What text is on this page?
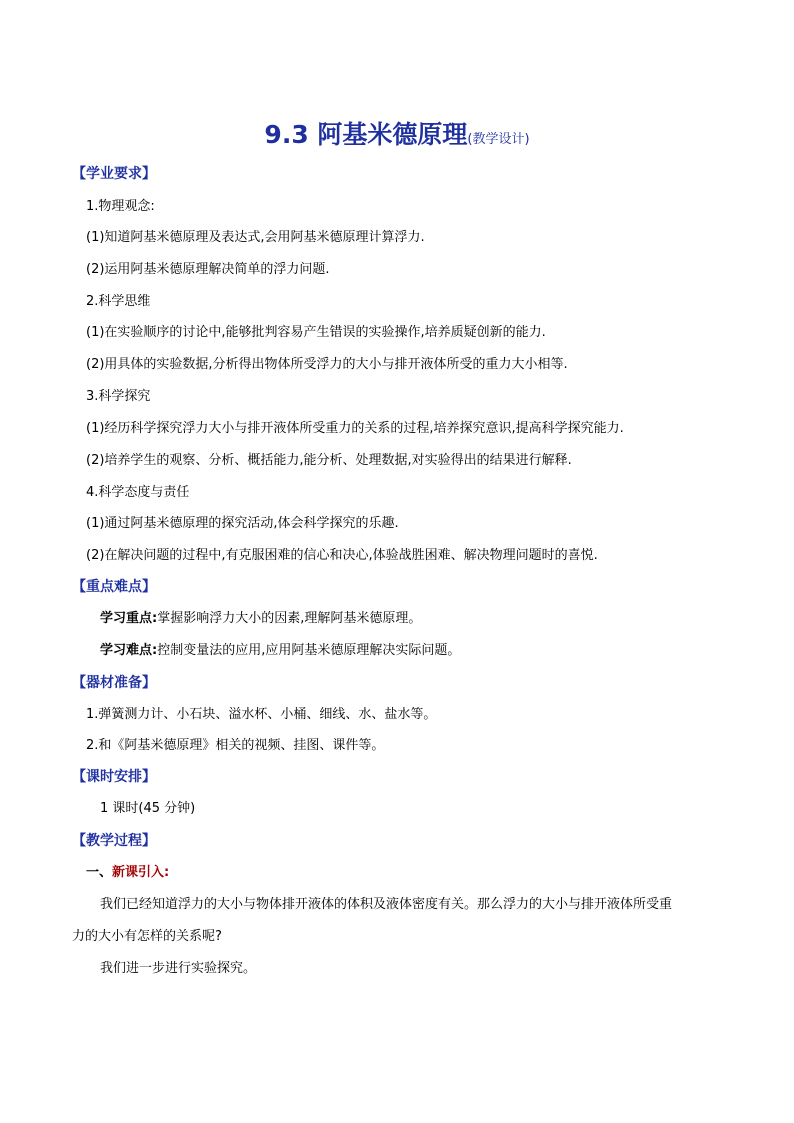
9.3 阿基米德原理(教学设计)
【学业要求】
1.物理观念:
(1)知道阿基米德原理及表达式,会用阿基米德原理计算浮力.
(2)运用阿基米德原理解决简单的浮力问题.
2.科学思维
(1)在实验顺序的讨论中,能够批判容易产生错误的实验操作,培养质疑创新的能力.
(2)用具体的实验数据,分析得出物体所受浮力的大小与排开液体所受的重力大小相等.
3.科学探究
(1)经历科学探究浮力大小与排开液体所受重力的关系的过程,培养探究意识,提高科学探究能力.
(2)培养学生的观察、分析、概括能力,能分析、处理数据,对实验得出的结果进行解释.
4.科学态度与责任
(1)通过阿基米德原理的探究活动,体会科学探究的乐趣.
(2)在解决问题的过程中,有克服困难的信心和决心,体验战胜困难、解决物理问题时的喜悦.
【重点难点】
学习重点:掌握影响浮力大小的因素,理解阿基米德原理。
学习难点:控制变量法的应用,应用阿基米德原理解决实际问题。
【器材准备】
1.弹簧测力计、小石块、溢水杯、小桶、细线、水、盐水等。
2.和《阿基米德原理》相关的视频、挂图、课件等。
【课时安排】
1 课时(45 分钟)
【教学过程】
一、新课引入:
我们已经知道浮力的大小与物体排开液体的体积及液体密度有关。那么浮力的大小与排开液体所受重
力的大小有怎样的关系呢?
我们进一步进行实验探究。
